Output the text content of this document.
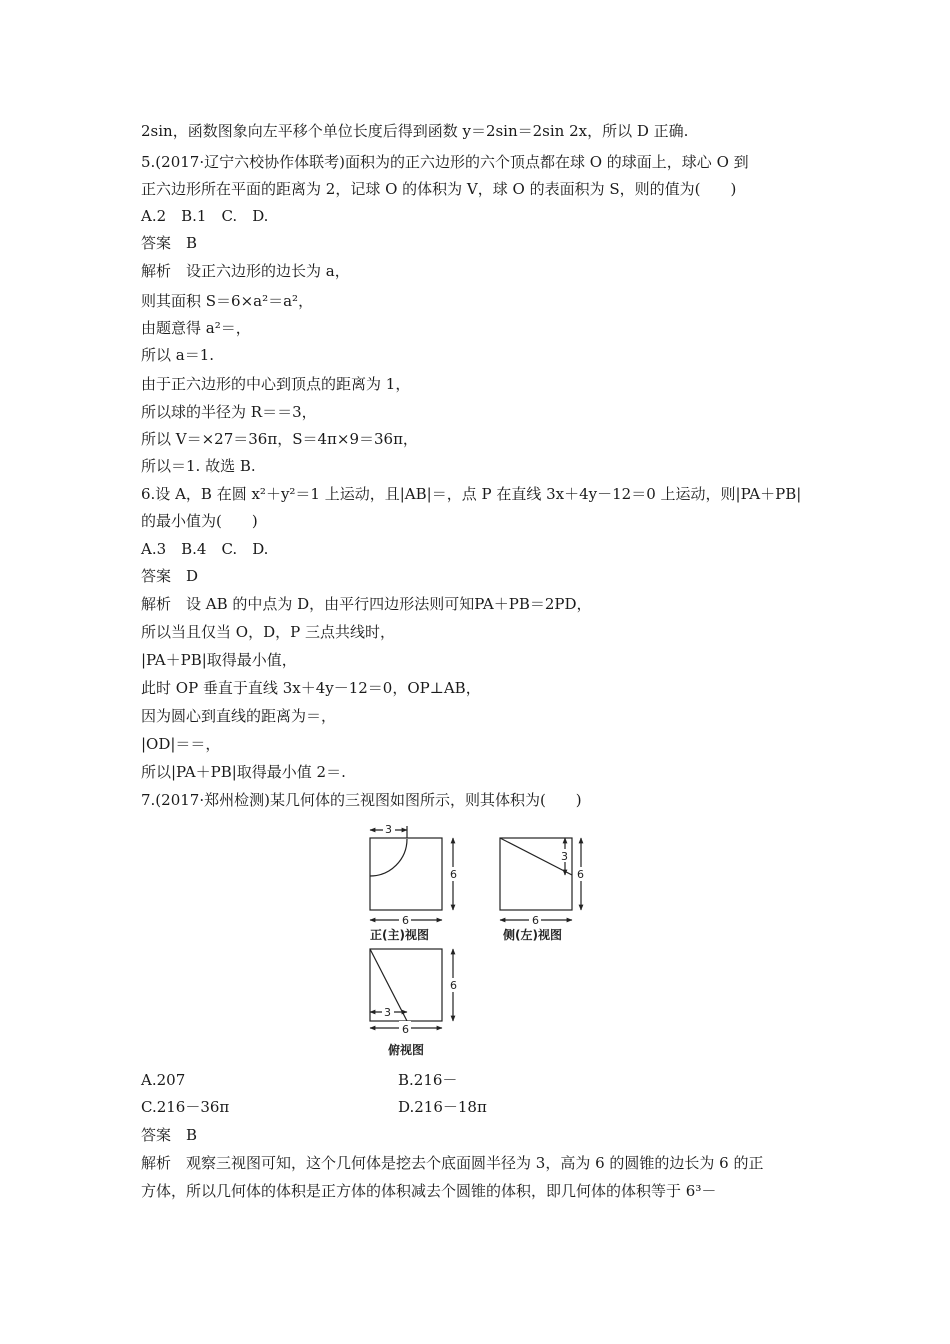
2sin，函数图象向左平移个单位长度后得到函数 y＝2sin＝2sin 2x，所以 D 正确.
5.(2017·辽宁六校协作体联考)面积为的正六边形的六个顶点都在球 O 的球面上，球心 O 到
正六边形所在平面的距离为 2，记球 O 的体积为 V，球 O 的表面积为 S，则的值为(　　)
A.2　B.1　C.　D.
答案　B
解析　设正六边形的边长为 a，
则其面积 S＝6×a²＝a²，
由题意得 a²＝，
所以 a＝1.
由于正六边形的中心到顶点的距离为 1，
所以球的半径为 R＝＝3，
所以 V＝×27＝36π，S＝4π×9＝36π，
所以＝1. 故选 B.
6.设 A，B 在圆 x²＋y²＝1 上运动，且|AB|＝，点 P 在直线 3x＋4y－12＝0 上运动，则|PA＋PB|
的最小值为(　　)
A.3　B.4　C.　D.
答案　D
解析　设 AB 的中点为 D，由平行四边形法则可知PA＋PB＝2PD，
所以当且仅当 O，D，P 三点共线时，
|PA＋PB|取得最小值，
此时 OP 垂直于直线 3x＋4y－12＝0，OP⊥AB，
因为圆心到直线的距离为＝，
|OD|＝＝，
所以|PA＋PB|取得最小值 2＝.
7.(2017·郑州检测)某几何体的三视图如图所示，则其体积为(　　)
3
6
6
3
6
6
6
3
6
正(主)视图	侧(左)视图
俯视图
A.207	B.216－
C.216－36π	D.216－18π
答案　B
解析　观察三视图可知，这个几何体是挖去个底面圆半径为 3，高为 6 的圆锥的边长为 6 的正
方体，所以几何体的体积是正方体的体积减去个圆锥的体积，即几何体的体积等于 6³－
